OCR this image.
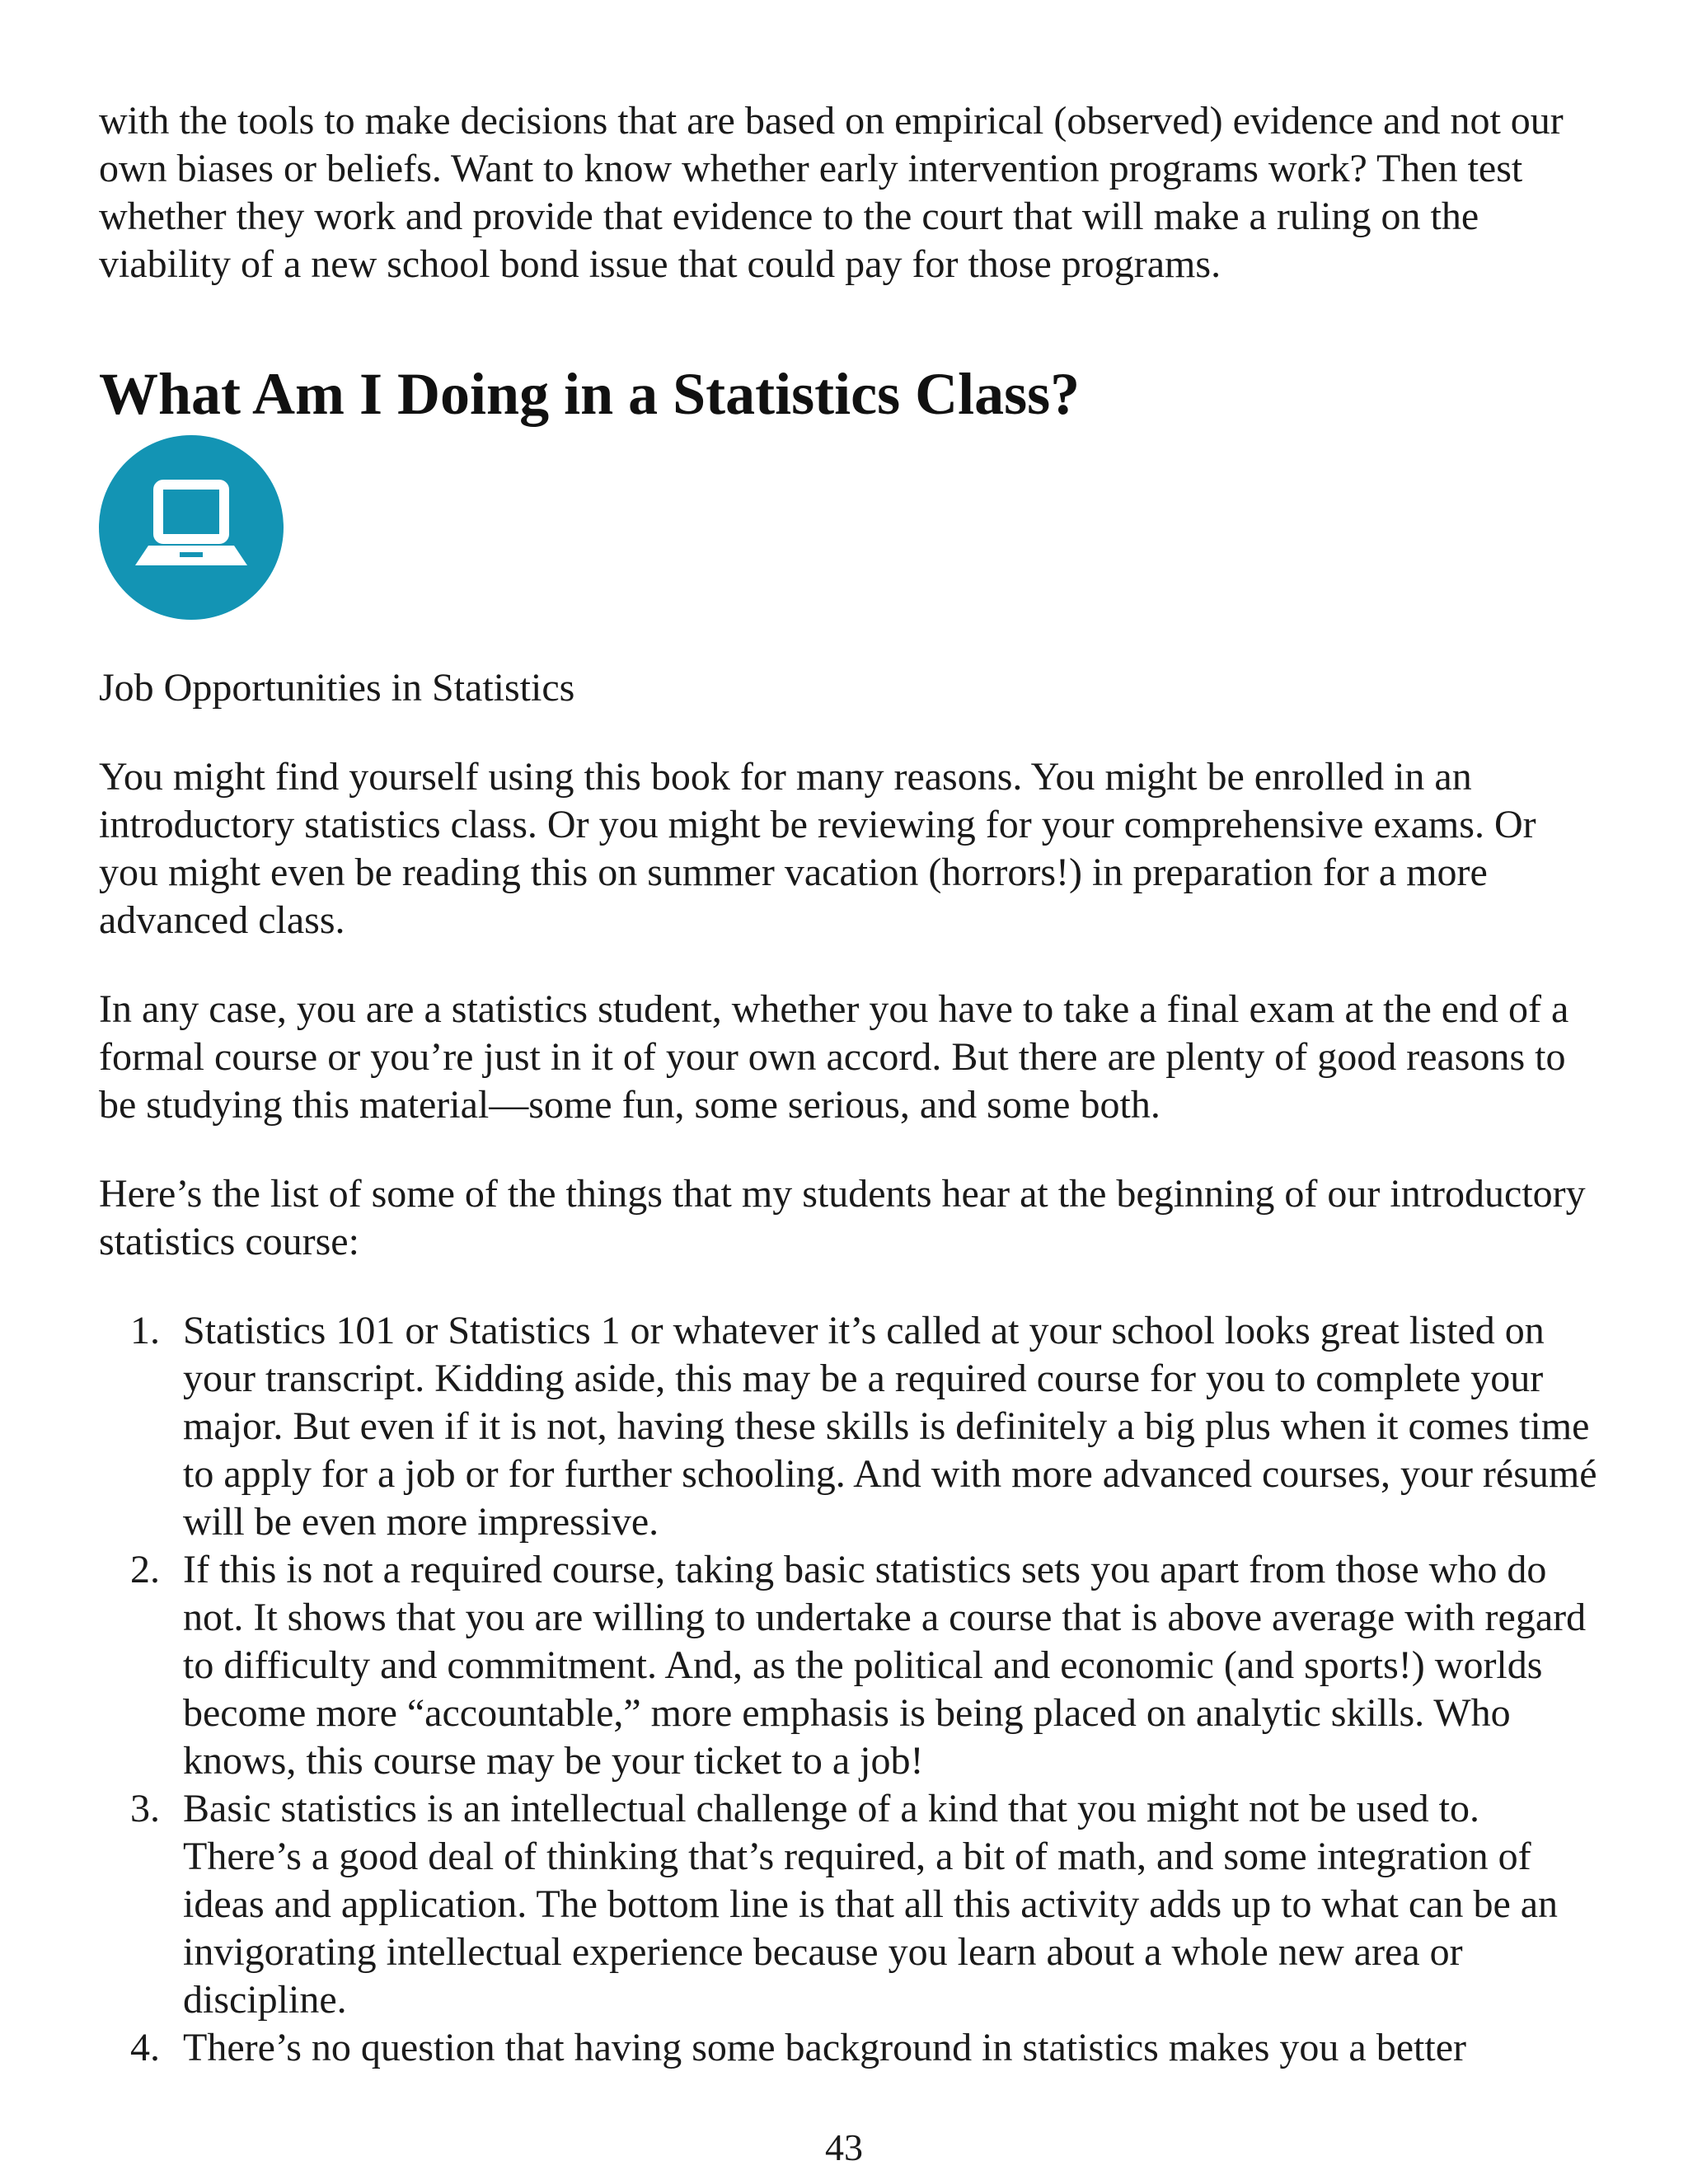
with the tools to make decisions that are based on empirical (observed) evidence and not our own biases or beliefs. Want to know whether early intervention programs work? Then test whether they work and provide that evidence to the court that will make a ruling on the viability of a new school bond issue that could pay for those programs.

What Am I Doing in a Statistics Class?

Job Opportunities in Statistics

You might find yourself using this book for many reasons. You might be enrolled in an introductory statistics class. Or you might be reviewing for your comprehensive exams. Or you might even be reading this on summer vacation (horrors!) in preparation for a more advanced class.

In any case, you are a statistics student, whether you have to take a final exam at the end of a formal course or you’re just in it of your own accord. But there are plenty of good reasons to be studying this material—some fun, some serious, and some both.

Here’s the list of some of the things that my students hear at the beginning of our introductory statistics course:

1. Statistics 101 or Statistics 1 or whatever it’s called at your school looks great listed on your transcript. Kidding aside, this may be a required course for you to complete your major. But even if it is not, having these skills is definitely a big plus when it comes time to apply for a job or for further schooling. And with more advanced courses, your résumé will be even more impressive.
2. If this is not a required course, taking basic statistics sets you apart from those who do not. It shows that you are willing to undertake a course that is above average with regard to difficulty and commitment. And, as the political and economic (and sports!) worlds become more “accountable,” more emphasis is being placed on analytic skills. Who knows, this course may be your ticket to a job!
3. Basic statistics is an intellectual challenge of a kind that you might not be used to. There’s a good deal of thinking that’s required, a bit of math, and some integration of ideas and application. The bottom line is that all this activity adds up to what can be an invigorating intellectual experience because you learn about a whole new area or discipline.
4. There’s no question that having some background in statistics makes you a better
43
